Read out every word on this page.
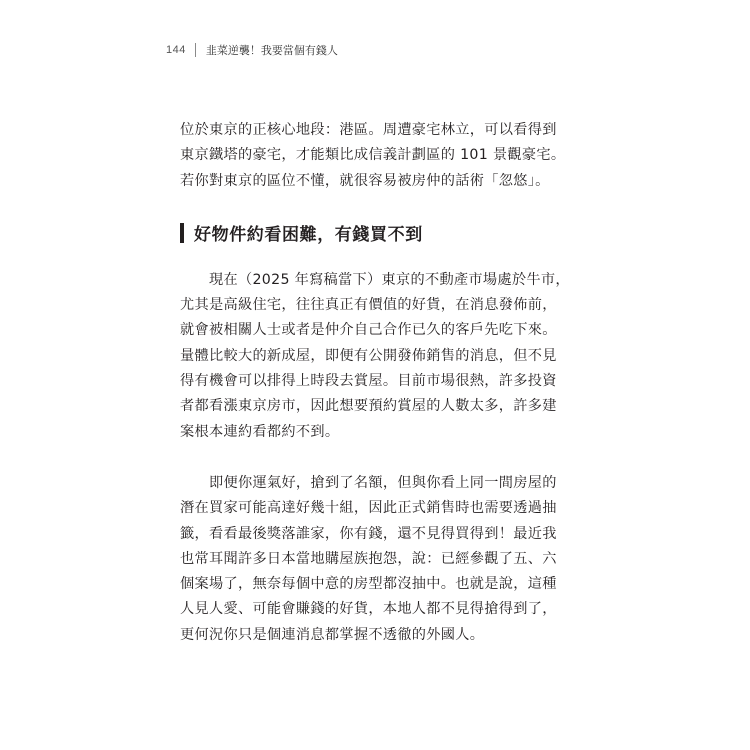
144 韭菜逆襲！我要當個有錢人

位於東京的正核心地段：港區。周遭豪宅林立，可以看得到
東京鐵塔的豪宅，才能類比成信義計劃區的 101 景觀豪宅。
若你對東京的區位不懂，就很容易被房仲的話術「忽悠」。

好物件約看困難，有錢買不到

現在（2025 年寫稿當下）東京的不動產市場處於牛市，
尤其是高級住宅，往往真正有價值的好貨，在消息發佈前，
就會被相關人士或者是仲介自己合作已久的客戶先吃下來。
量體比較大的新成屋，即便有公開發佈銷售的消息，但不見
得有機會可以排得上時段去賞屋。目前市場很熱，許多投資
者都看漲東京房市，因此想要預約賞屋的人數太多，許多建
案根本連約看都約不到。

即便你運氣好，搶到了名額，但與你看上同一間房屋的
潛在買家可能高達好幾十組，因此正式銷售時也需要透過抽
籤，看看最後獎落誰家，你有錢，還不見得買得到！最近我
也常耳聞許多日本當地購屋族抱怨，說：已經參觀了五、六
個案場了，無奈每個中意的房型都沒抽中。也就是說，這種
人見人愛、可能會賺錢的好貨，本地人都不見得搶得到了，
更何況你只是個連消息都掌握不透徹的外國人。
